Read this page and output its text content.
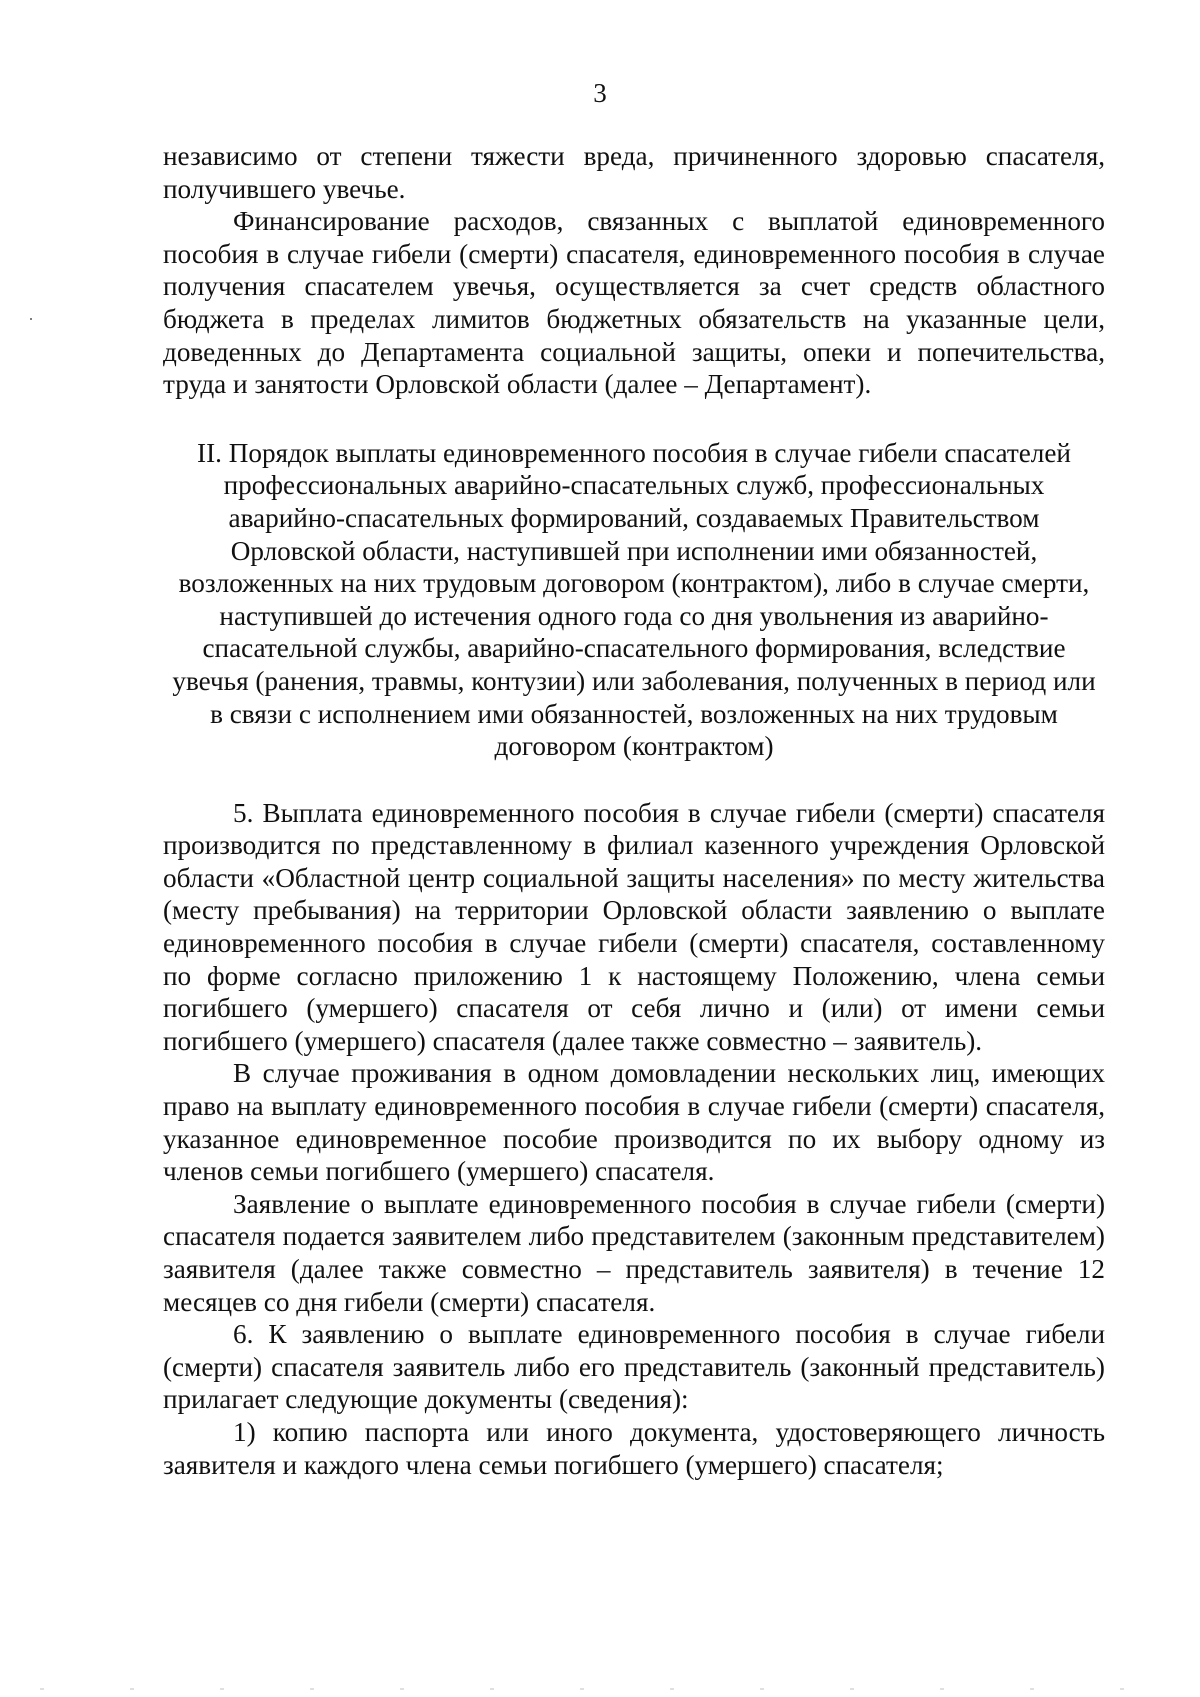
3

независимо от степени тяжести вреда, причиненного здоровью спасателя, получившего увечье.

Финансирование расходов, связанных с выплатой единовременного пособия в случае гибели (смерти) спасателя, единовременного пособия в случае получения спасателем увечья, осуществляется за счет средств областного бюджета в пределах лимитов бюджетных обязательств на указанные цели, доведенных до Департамента социальной защиты, опеки и попечительства, труда и занятости Орловской области (далее – Департамент).

II. Порядок выплаты единовременного пособия в случае гибели спасателей профессиональных аварийно-спасательных служб, профессиональных аварийно-спасательных формирований, создаваемых Правительством Орловской области, наступившей при исполнении ими обязанностей, возложенных на них трудовым договором (контрактом), либо в случае смерти, наступившей до истечения одного года со дня увольнения из аварийно-спасательной службы, аварийно-спасательного формирования, вследствие увечья (ранения, травмы, контузии) или заболевания, полученных в период или в связи с исполнением ими обязанностей, возложенных на них трудовым договором (контрактом)

5. Выплата единовременного пособия в случае гибели (смерти) спасателя производится по представленному в филиал казенного учреждения Орловской области «Областной центр социальной защиты населения» по месту жительства (месту пребывания) на территории Орловской области заявлению о выплате единовременного пособия в случае гибели (смерти) спасателя, составленному по форме согласно приложению 1 к настоящему Положению, члена семьи погибшего (умершего) спасателя от себя лично и (или) от имени семьи погибшего (умершего) спасателя (далее также совместно – заявитель).

В случае проживания в одном домовладении нескольких лиц, имеющих право на выплату единовременного пособия в случае гибели (смерти) спасателя, указанное единовременное пособие производится по их выбору одному из членов семьи погибшего (умершего) спасателя.

Заявление о выплате единовременного пособия в случае гибели (смерти) спасателя подается заявителем либо представителем (законным представителем) заявителя (далее также совместно – представитель заявителя) в течение 12 месяцев со дня гибели (смерти) спасателя.

6. К заявлению о выплате единовременного пособия в случае гибели (смерти) спасателя заявитель либо его представитель (законный представитель) прилагает следующие документы (сведения):

1) копию паспорта или иного документа, удостоверяющего личность заявителя и каждого члена семьи погибшего (умершего) спасателя;
